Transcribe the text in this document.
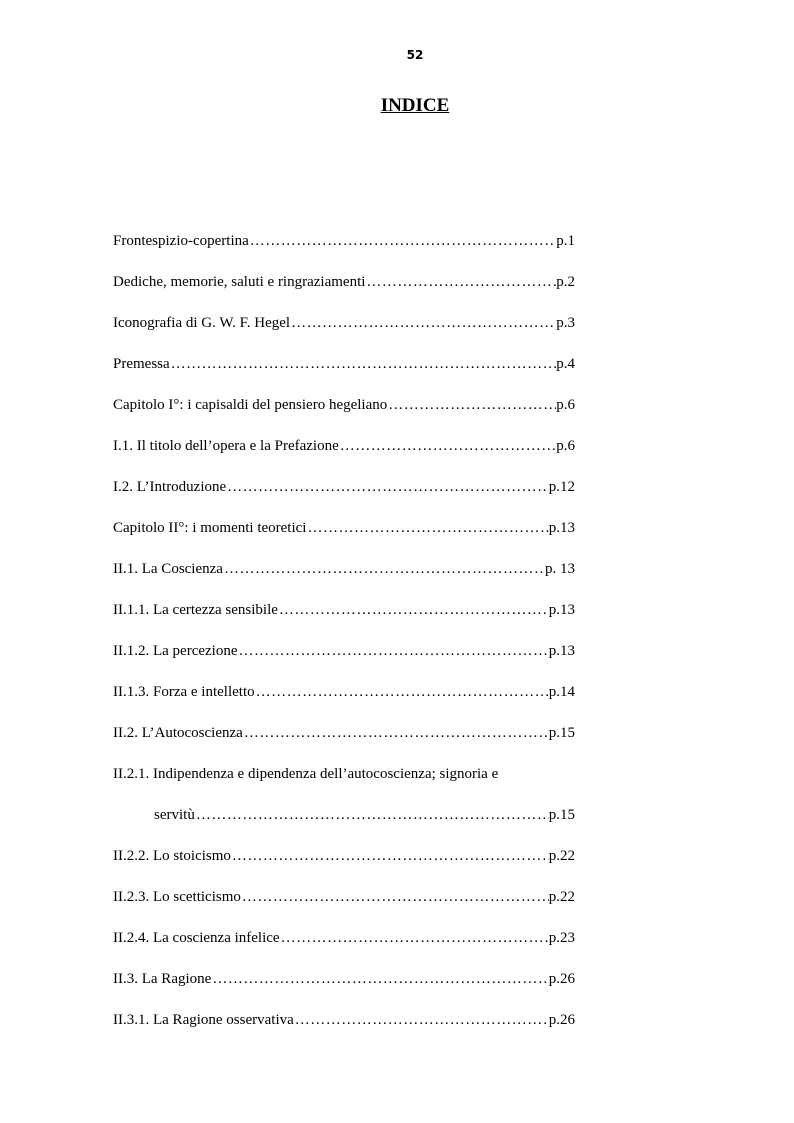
52
INDICE
Frontespizio-copertina ………………………………………………………………………………………………………………………………………………………………	p.1
Dediche, memorie, saluti e ringraziamenti ………………………………………………………………………………………………………………………………………………………………	p.2
Iconografia di G. W. F. Hegel ………………………………………………………………………………………………………………………………………………………………	p.3
Premessa ………………………………………………………………………………………………………………………………………………………………	p.4
Capitolo I°: i capisaldi del pensiero hegeliano ………………………………………………………………………………………………………………………………………………………………	p.6
I.1. Il titolo dell’opera e la Prefazione ………………………………………………………………………………………………………………………………………………………………	p.6
I.2. L’Introduzione ………………………………………………………………………………………………………………………………………………………………	p.12
Capitolo II°: i momenti teoretici ………………………………………………………………………………………………………………………………………………………………	p.13
II.1. La Coscienza ………………………………………………………………………………………………………………………………………………………………	p. 13
II.1.1. La certezza sensibile ………………………………………………………………………………………………………………………………………………………………	p.13
II.1.2. La percezione ………………………………………………………………………………………………………………………………………………………………	p.13
II.1.3. Forza e intelletto ………………………………………………………………………………………………………………………………………………………………	p.14
II.2. L’Autocoscienza ………………………………………………………………………………………………………………………………………………………………	p.15
II.2.1. Indipendenza e dipendenza dell’autocoscienza; signoria e
servitù ………………………………………………………………………………………………………………………………………………………………	p.15
II.2.2. Lo stoicismo ………………………………………………………………………………………………………………………………………………………………	p.22
II.2.3. Lo scetticismo ………………………………………………………………………………………………………………………………………………………………	p.22
II.2.4. La coscienza infelice ………………………………………………………………………………………………………………………………………………………………	p.23
II.3. La Ragione ………………………………………………………………………………………………………………………………………………………………	p.26
II.3.1. La Ragione osservativa ………………………………………………………………………………………………………………………………………………………………	p.26
